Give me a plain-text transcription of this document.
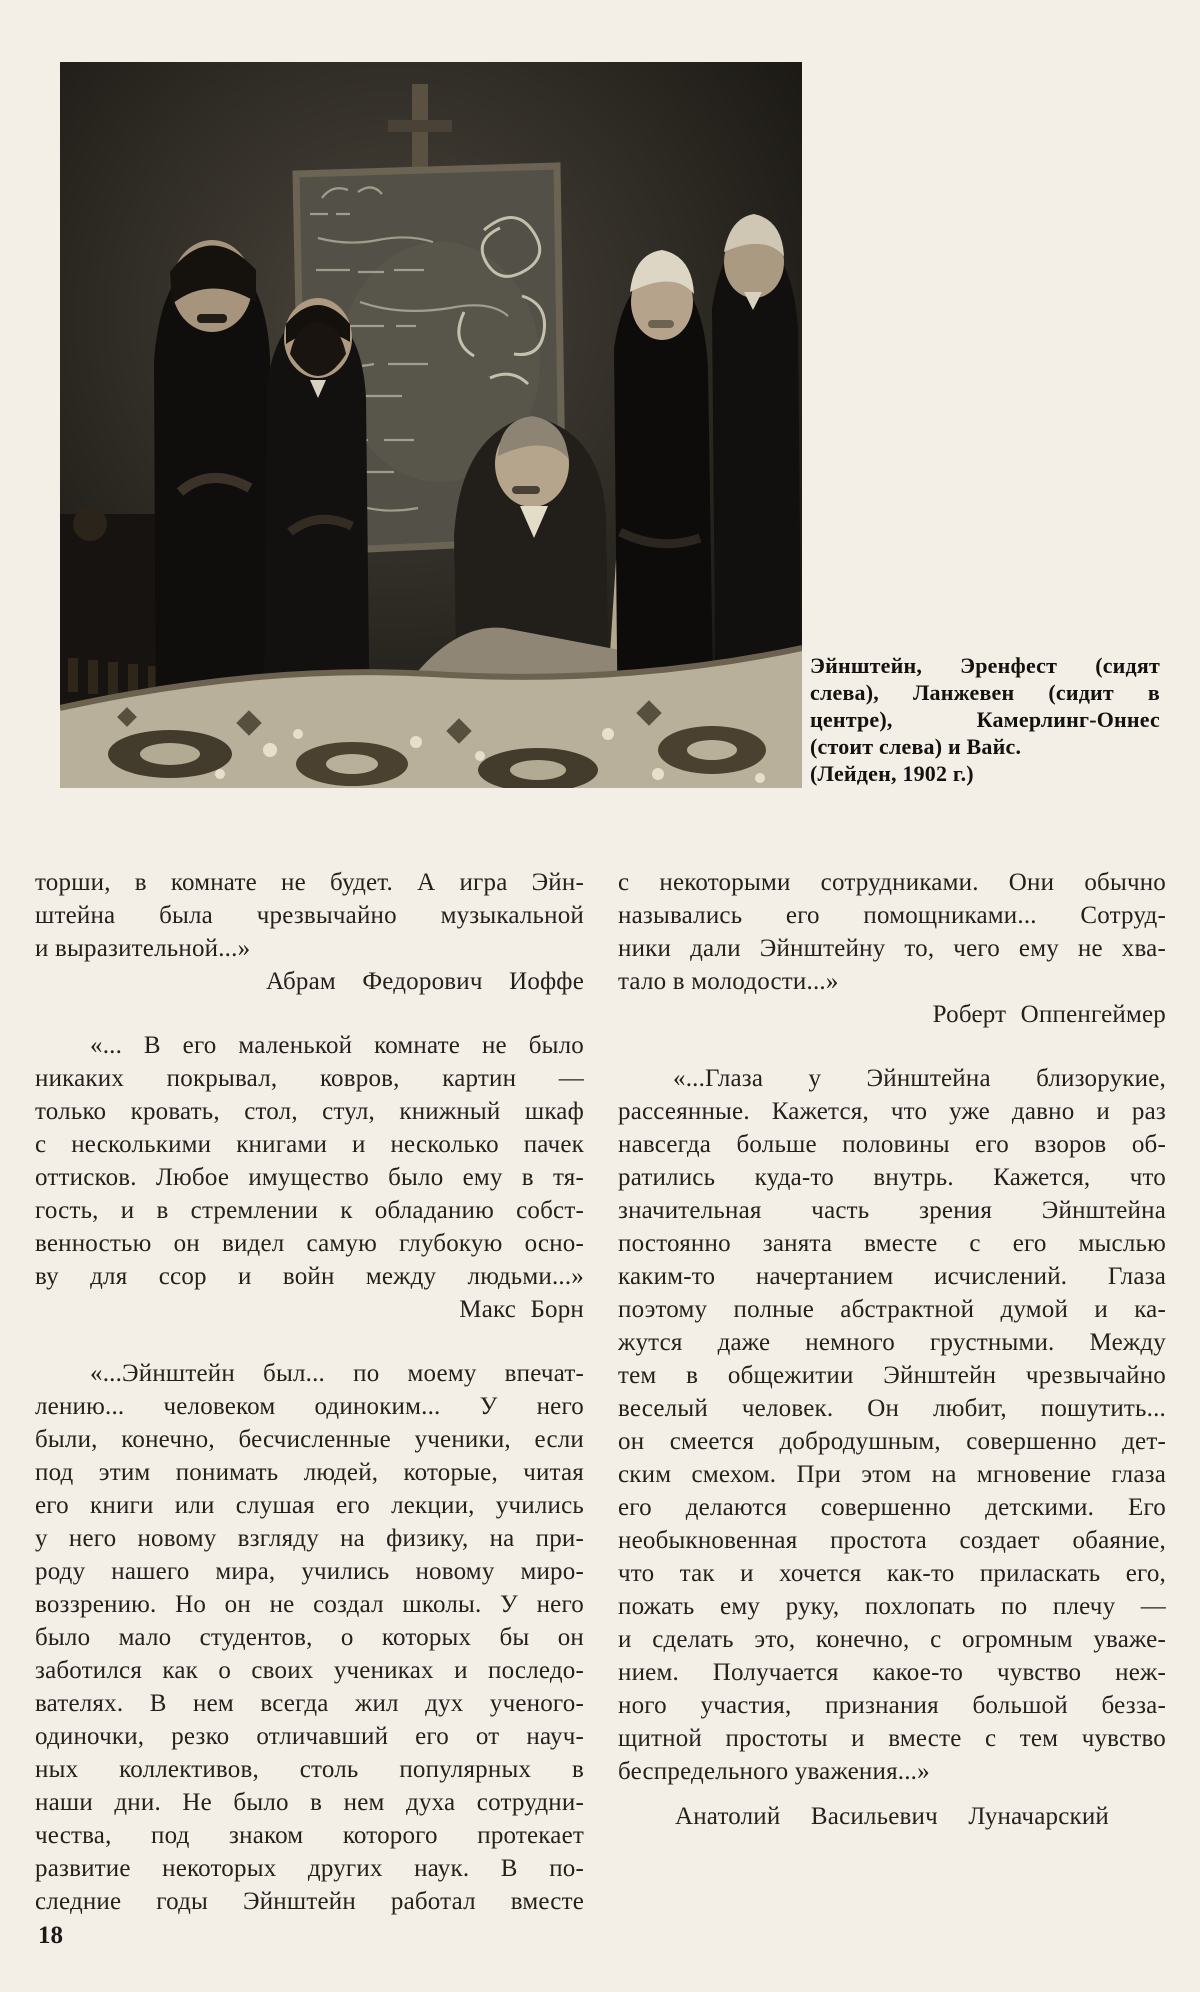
Эйнштейн, Эренфест (сидят
слева), Ланжевен (сидит в
центре), Камерлинг-Оннес
(стоит слева) и Вайс.
(Лейден, 1902 г.)
торши, в комнате не будет. А игра Эйн-
штейна была чрезвычайно музыкальной
и выразительной...»
Абрам Федорович Иоффе
«... В его маленькой комнате не было
никаких покрывал, ковров, картин —
только кровать, стол, стул, книжный шкаф
с несколькими книгами и несколько пачек
оттисков. Любое имущество было ему в тя-
гость, и в стремлении к обладанию собст-
венностью он видел самую глубокую осно-
ву для ссор и войн между людьми...»
Макс Борн
«...Эйнштейн был... по моему впечат-
лению... человеком одиноким... У него
были, конечно, бесчисленные ученики, если
под этим понимать людей, которые, читая
его книги или слушая его лекции, учились
у него новому взгляду на физику, на при-
роду нашего мира, учились новому миро-
воззрению. Но он не создал школы. У него
было мало студентов, о которых бы он
заботился как о своих учениках и последо-
вателях. В нем всегда жил дух ученого-
одиночки, резко отличавший его от науч-
ных коллективов, столь популярных в
наши дни. Не было в нем духа сотрудни-
чества, под знаком которого протекает
развитие некоторых других наук. В по-
следние годы Эйнштейн работал вместе
с некоторыми сотрудниками. Они обычно
назывались его помощниками... Сотруд-
ники дали Эйнштейну то, чего ему не хва-
тало в молодости...»
Роберт Оппенгеймер
«...Глаза у Эйнштейна близорукие,
рассеянные. Кажется, что уже давно и раз
навсегда больше половины его взоров об-
ратились куда-то внутрь. Кажется, что
значительная часть зрения Эйнштейна
постоянно занята вместе с его мыслью
каким-то начертанием исчислений. Глаза
поэтому полные абстрактной думой и ка-
жутся даже немного грустными. Между
тем в общежитии Эйнштейн чрезвычайно
веселый человек. Он любит, пошутить...
он смеется добродушным, совершенно дет-
ским смехом. При этом на мгновение глаза
его делаются совершенно детскими. Его
необыкновенная простота создает обаяние,
что так и хочется как-то приласкать его,
пожать ему руку, похлопать по плечу —
и сделать это, конечно, с огромным уваже-
нием. Получается какое-то чувство неж-
ного участия, признания большой безза-
щитной простоты и вместе с тем чувство
беспредельного уважения...»
Анатолий Васильевич Луначарский
18
